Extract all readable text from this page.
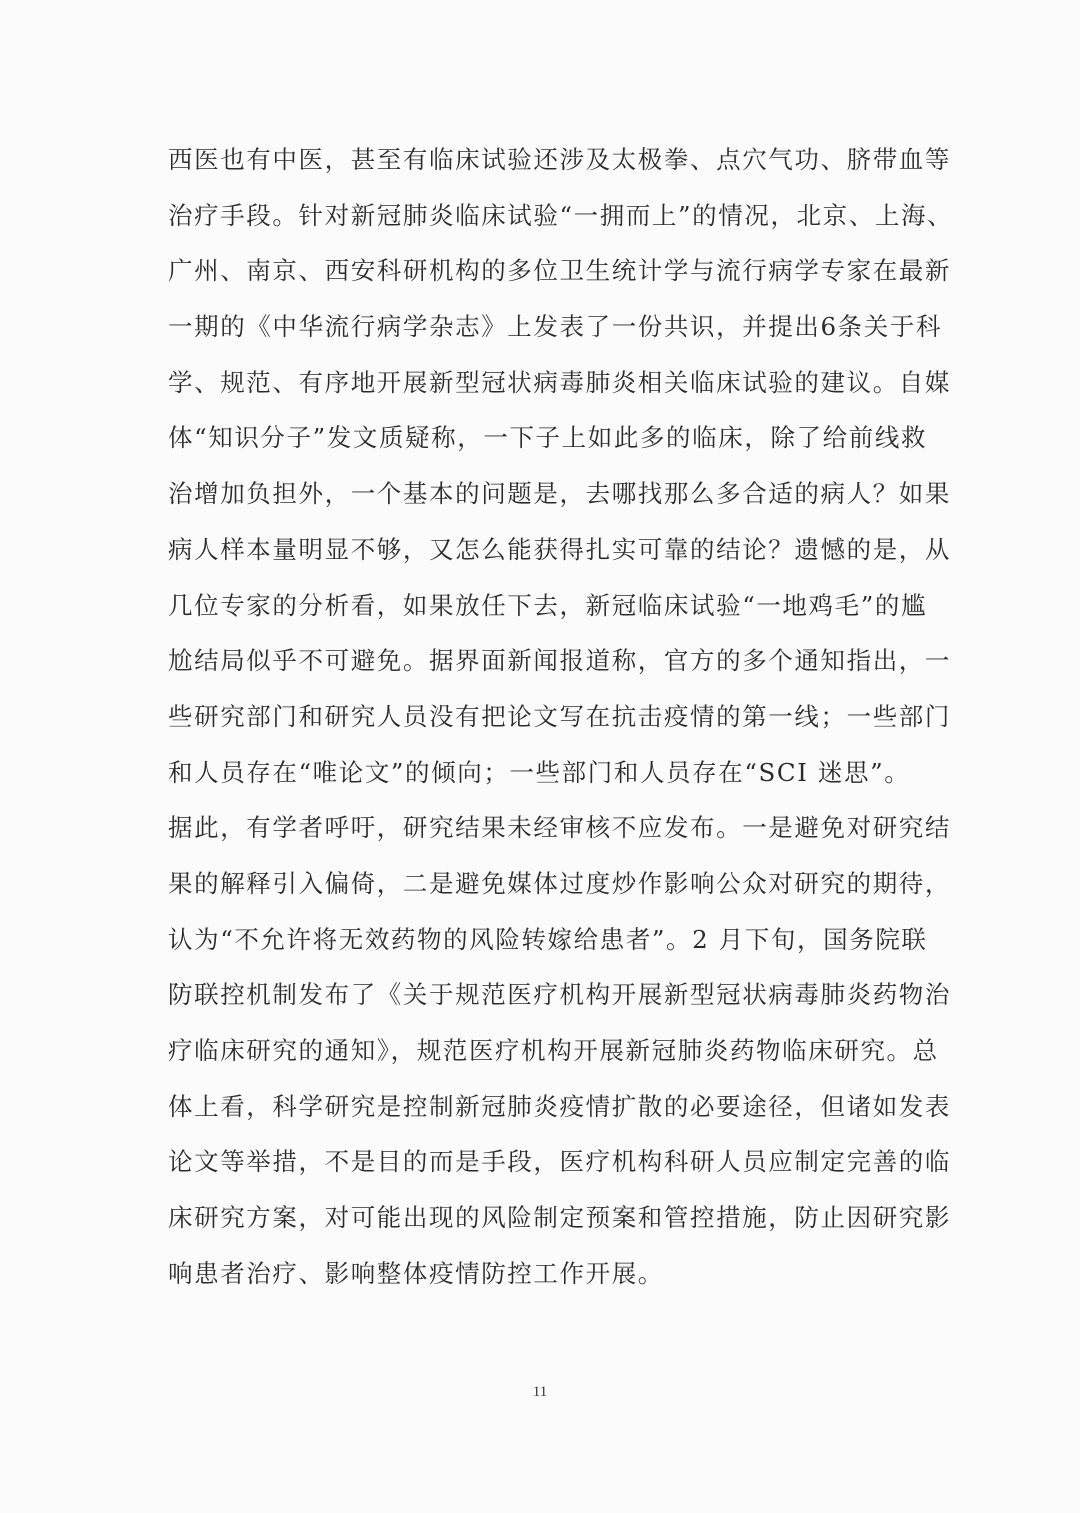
西医也有中医，甚至有临床试验还涉及太极拳、点穴气功、脐带血等
治疗手段。针对新冠肺炎临床试验“一拥而上”的情况，北京、上海、
广州、南京、西安科研机构的多位卫生统计学与流行病学专家在最新
一期的《中华流行病学杂志》上发表了一份共识，并提出6条关于科
学、规范、有序地开展新型冠状病毒肺炎相关临床试验的建议。自媒
体“知识分子”发文质疑称，一下子上如此多的临床，除了给前线救
治增加负担外，一个基本的问题是，去哪找那么多合适的病人？如果
病人样本量明显不够，又怎么能获得扎实可靠的结论？遗憾的是，从
几位专家的分析看，如果放任下去，新冠临床试验“一地鸡毛”的尴
尬结局似乎不可避免。据界面新闻报道称，官方的多个通知指出，一
些研究部门和研究人员没有把论文写在抗击疫情的第一线；一些部门
和人员存在“唯论文”的倾向；一些部门和人员存在“SCI 迷思”。
据此，有学者呼吁，研究结果未经审核不应发布。一是避免对研究结
果的解释引入偏倚，二是避免媒体过度炒作影响公众对研究的期待，
认为“不允许将无效药物的风险转嫁给患者”。2 月下旬，国务院联
防联控机制发布了《关于规范医疗机构开展新型冠状病毒肺炎药物治
疗临床研究的通知》，规范医疗机构开展新冠肺炎药物临床研究。总
体上看，科学研究是控制新冠肺炎疫情扩散的必要途径，但诸如发表
论文等举措，不是目的而是手段，医疗机构科研人员应制定完善的临
床研究方案，对可能出现的风险制定预案和管控措施，防止因研究影
响患者治疗、影响整体疫情防控工作开展。
11
